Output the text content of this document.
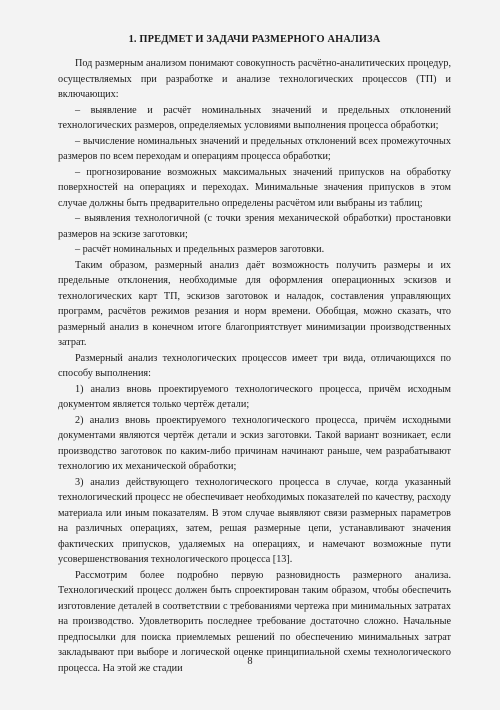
1. ПРЕДМЕТ И ЗАДАЧИ РАЗМЕРНОГО АНАЛИЗА

Под размерным анализом понимают совокупность расчётно-аналитических процедур, осуществляемых при разработке и анализе технологических процессов (ТП) и включающих:

– выявление и расчёт номинальных значений и предельных отклонений технологических размеров, определяемых условиями выполнения процесса обработки;

– вычисление номинальных значений и предельных отклонений всех промежуточных размеров по всем переходам и операциям процесса обработки;

– прогнозирование возможных максимальных значений припусков на обработку поверхностей на операциях и переходах. Минимальные значения припусков в этом случае должны быть предварительно определены расчётом или выбраны из таблиц;

– выявления технологичной (с точки зрения механической обработки) простановки размеров на эскизе заготовки;

– расчёт номинальных и предельных размеров заготовки.

Таким образом, размерный анализ даёт возможность получить размеры и их предельные отклонения, необходимые для оформления операционных эскизов и технологических карт ТП, эскизов заготовок и наладок, составления управляющих программ, расчётов режимов резания и норм времени. Обобщая, можно сказать, что размерный анализ в конечном итоге благоприятствует минимизации производственных затрат.

Размерный анализ технологических процессов имеет три вида, отличающихся по способу выполнения:

1) анализ вновь проектируемого технологического процесса, причём исходным документом является только чертёж детали;

2) анализ вновь проектируемого технологического процесса, причём исходными документами являются чертёж детали и эскиз заготовки. Такой вариант возникает, если производство заготовок по каким-либо причинам начинают раньше, чем разрабатывают технологию их механической обработки;

3) анализ действующего технологического процесса в случае, когда указанный технологический процесс не обеспечивает необходимых показателей по качеству, расходу материала или иным показателям. В этом случае выявляют связи размерных параметров на различных операциях, затем, решая размерные цепи, устанавливают значения фактических припусков, удаляемых на операциях, и намечают возможные пути усовершенствования технологического процесса [13].

Рассмотрим более подробно первую разновидность размерного анализа. Технологический процесс должен быть спроектирован таким образом, чтобы обеспечить изготовление деталей в соответствии с требованиями чертежа при минимальных затратах на производство. Удовлетворить последнее требование достаточно сложно. Начальные предпосылки для поиска приемлемых решений по обеспечению минимальных затрат закладывают при выборе и логической оценке принципиальной схемы технологического процесса. На этой же стадии

8
